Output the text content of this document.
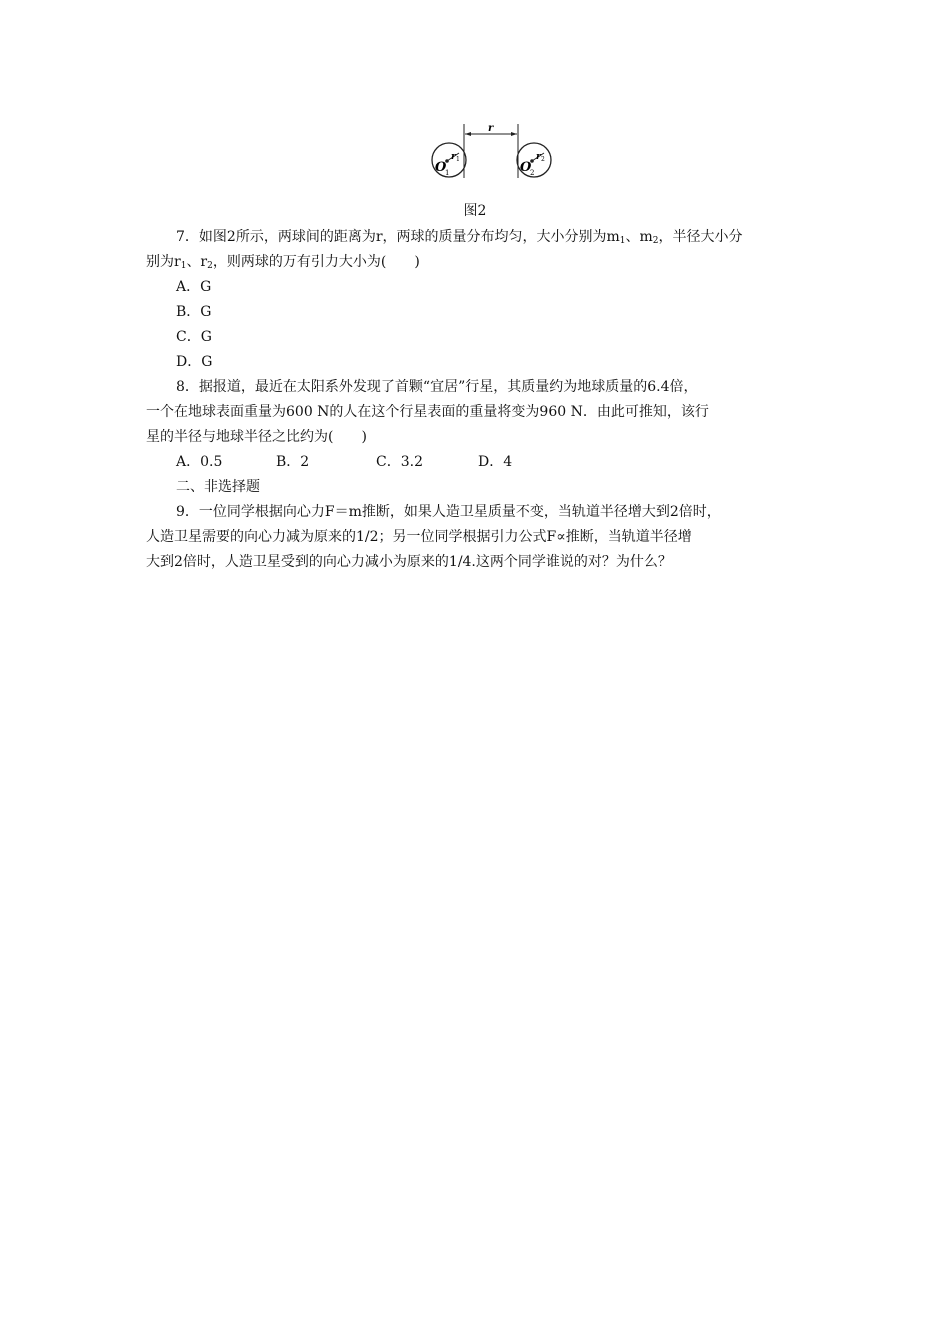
r
O
1	O
2
r 1	r 2
图2
7．如图2所示，两球间的距离为r，两球的质量分布均匀，大小分别为$m_1$、$m_2$，半径大小分
别为$r_1$、$r_2$，则两球的万有引力大小为(　　)
A．G
B．G
C．G
D．G
8．据报道，最近在太阳系外发现了首颗“宜居”行星，其质量约为地球质量的6.4倍，
一个在地球表面重量为600 N的人在这个行星表面的重量将变为960 N．由此可推知，该行
星的半径与地球半径之比约为(　　)
A．0.5	B．2	C．3.2	D．4
二、非选择题
9．一位同学根据向心力F＝m推断，如果人造卫星质量不变，当轨道半径增大到2倍时，
人造卫星需要的向心力减为原来的1/2；另一位同学根据引力公式F∝推断，当轨道半径增
大到2倍时，人造卫星受到的向心力减小为原来的1/4.这两个同学谁说的对？为什么？
